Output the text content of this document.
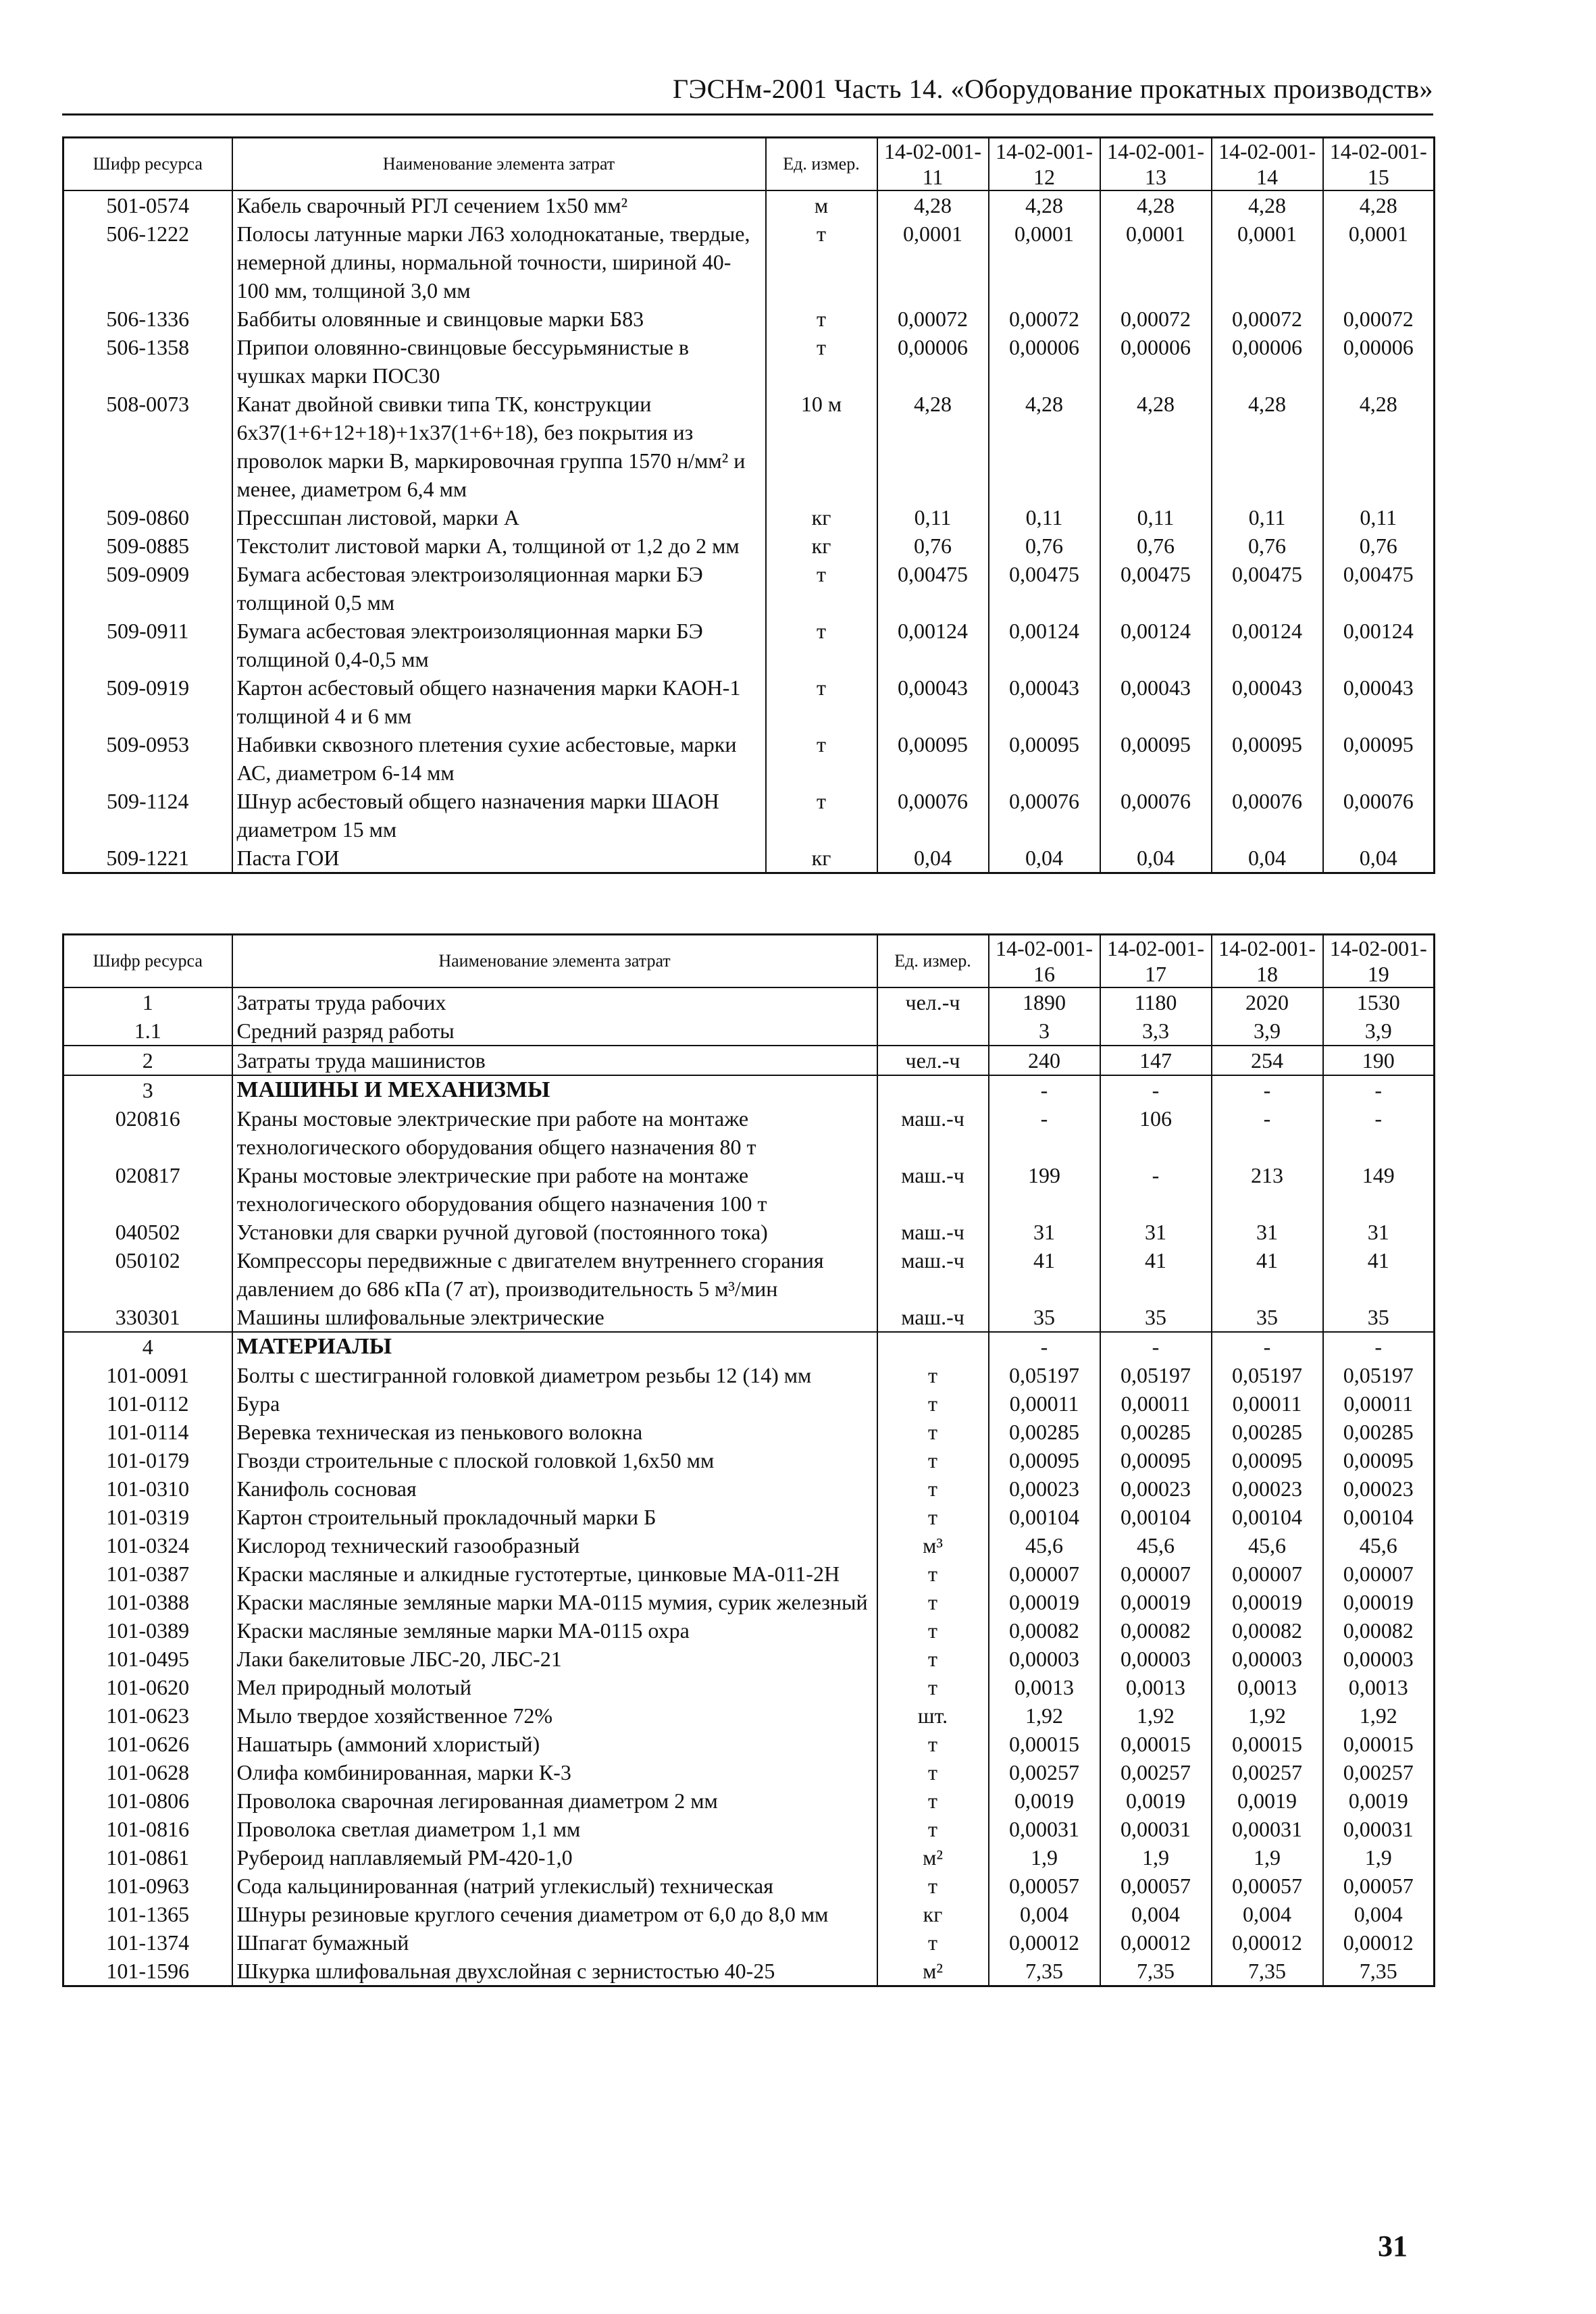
ГЭСНм-2001 Часть 14. «Оборудование прокатных производств»
Шифр ресурса	Наименование элемента затрат	Ед. измер.	14-02-001-11	14-02-001-12	14-02-001-13	14-02-001-14	14-02-001-15
501-0574	Кабель сварочный РГЛ сечением 1х50 мм²	м	4,28	4,28	4,28	4,28	4,28
506-1222	Полосы латунные марки Л63 холоднокатаные, твердые, немерной длины, нормальной точности, шириной 40-100 мм, толщиной 3,0 мм	т	0,0001	0,0001	0,0001	0,0001	0,0001
506-1336	Баббиты оловянные и свинцовые марки Б83	т	0,00072	0,00072	0,00072	0,00072	0,00072
506-1358	Припои оловянно-свинцовые бессурьмянистые в чушках марки ПОС30	т	0,00006	0,00006	0,00006	0,00006	0,00006
508-0073	Канат двойной свивки типа ТК, конструкции 6х37(1+6+12+18)+1х37(1+6+18), без покрытия из проволок марки В, маркировочная группа 1570 н/мм² и менее, диаметром 6,4 мм	10 м	4,28	4,28	4,28	4,28	4,28
509-0860	Прессшпан листовой, марки А	кг	0,11	0,11	0,11	0,11	0,11
509-0885	Текстолит листовой марки А, толщиной от 1,2 до 2 мм	кг	0,76	0,76	0,76	0,76	0,76
509-0909	Бумага асбестовая электроизоляционная марки БЭ толщиной 0,5 мм	т	0,00475	0,00475	0,00475	0,00475	0,00475
509-0911	Бумага асбестовая электроизоляционная марки БЭ толщиной 0,4-0,5 мм	т	0,00124	0,00124	0,00124	0,00124	0,00124
509-0919	Картон асбестовый общего назначения марки КАОН-1 толщиной 4 и 6 мм	т	0,00043	0,00043	0,00043	0,00043	0,00043
509-0953	Набивки сквозного плетения сухие асбестовые, марки АС, диаметром 6-14 мм	т	0,00095	0,00095	0,00095	0,00095	0,00095
509-1124	Шнур асбестовый общего назначения марки ШАОН диаметром 15 мм	т	0,00076	0,00076	0,00076	0,00076	0,00076
509-1221	Паста ГОИ	кг	0,04	0,04	0,04	0,04	0,04
Шифр ресурса	Наименование элемента затрат	Ед. измер.	14-02-001-16	14-02-001-17	14-02-001-18	14-02-001-19
1	Затраты труда рабочих	чел.-ч	1890	1180	2020	1530
1.1	Средний разряд работы		3	3,3	3,9	3,9
2	Затраты труда машинистов	чел.-ч	240	147	254	190
3	МАШИНЫ И МЕХАНИЗМЫ		-	-	-	-
020816	Краны мостовые электрические при работе на монтаже технологического оборудования общего назначения 80 т	маш.-ч	-	106	-	-
020817	Краны мостовые электрические при работе на монтаже технологического оборудования общего назначения 100 т	маш.-ч	199	-	213	149
040502	Установки для сварки ручной дуговой (постоянного тока)	маш.-ч	31	31	31	31
050102	Компрессоры передвижные с двигателем внутреннего сгорания давлением до 686 кПа (7 ат), производительность 5 м³/мин	маш.-ч	41	41	41	41
330301	Машины шлифовальные электрические	маш.-ч	35	35	35	35
4	МАТЕРИАЛЫ		-	-	-	-
101-0091	Болты с шестигранной головкой диаметром резьбы 12 (14) мм	т	0,05197	0,05197	0,05197	0,05197
101-0112	Бура	т	0,00011	0,00011	0,00011	0,00011
101-0114	Веревка техническая из пенькового волокна	т	0,00285	0,00285	0,00285	0,00285
101-0179	Гвозди строительные с плоской головкой 1,6х50 мм	т	0,00095	0,00095	0,00095	0,00095
101-0310	Канифоль сосновая	т	0,00023	0,00023	0,00023	0,00023
101-0319	Картон строительный прокладочный марки Б	т	0,00104	0,00104	0,00104	0,00104
101-0324	Кислород технический газообразный	м³	45,6	45,6	45,6	45,6
101-0387	Краски масляные и алкидные густотертые, цинковые МА-011-2Н	т	0,00007	0,00007	0,00007	0,00007
101-0388	Краски масляные земляные марки МА-0115 мумия, сурик железный	т	0,00019	0,00019	0,00019	0,00019
101-0389	Краски масляные земляные марки МА-0115 охра	т	0,00082	0,00082	0,00082	0,00082
101-0495	Лаки бакелитовые ЛБС-20, ЛБС-21	т	0,00003	0,00003	0,00003	0,00003
101-0620	Мел природный молотый	т	0,0013	0,0013	0,0013	0,0013
101-0623	Мыло твердое хозяйственное 72%	шт.	1,92	1,92	1,92	1,92
101-0626	Нашатырь (аммоний хлористый)	т	0,00015	0,00015	0,00015	0,00015
101-0628	Олифа комбинированная, марки К-3	т	0,00257	0,00257	0,00257	0,00257
101-0806	Проволока сварочная легированная диаметром 2 мм	т	0,0019	0,0019	0,0019	0,0019
101-0816	Проволока светлая диаметром 1,1 мм	т	0,00031	0,00031	0,00031	0,00031
101-0861	Рубероид наплавляемый РМ-420-1,0	м²	1,9	1,9	1,9	1,9
101-0963	Сода кальцинированная (натрий углекислый) техническая	т	0,00057	0,00057	0,00057	0,00057
101-1365	Шнуры резиновые круглого сечения диаметром от 6,0 до 8,0 мм	кг	0,004	0,004	0,004	0,004
101-1374	Шпагат бумажный	т	0,00012	0,00012	0,00012	0,00012
101-1596	Шкурка шлифовальная двухслойная с зернистостью 40-25	м²	7,35	7,35	7,35	7,35
31
